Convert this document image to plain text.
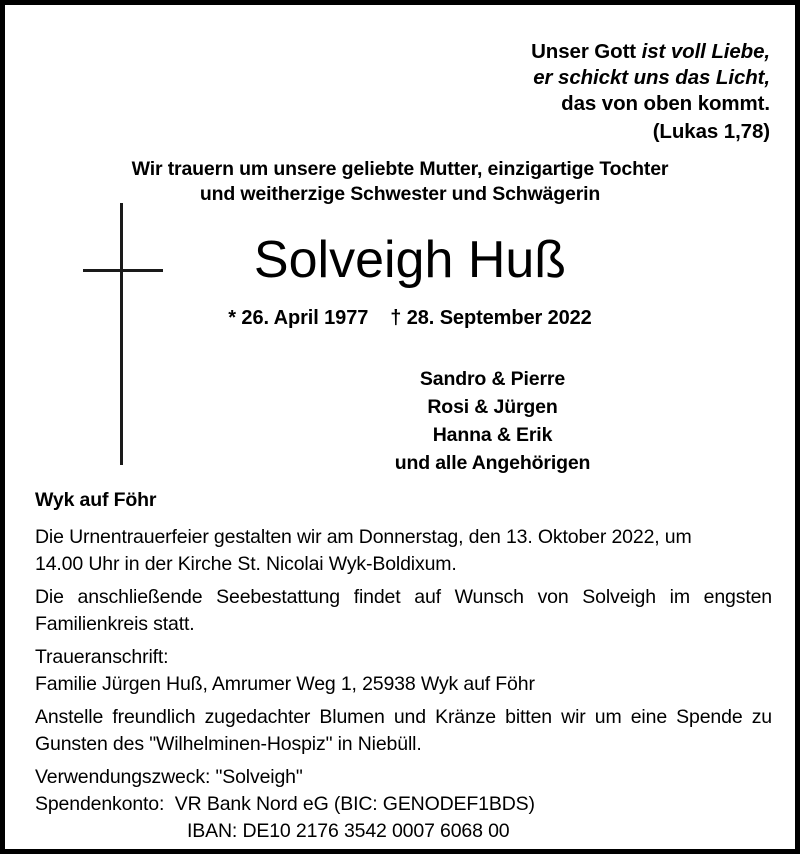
Unser Gott ist voll Liebe,
er schickt uns das Licht,
das von oben kommt.
(Lukas 1,78)
Wir trauern um unsere geliebte Mutter, einzigartige Tochter
und weitherzige Schwester und Schwägerin
Solveigh Huß
* 26. April 1977 † 28. September 2022
Sandro & Pierre
Rosi & Jürgen
Hanna & Erik
und alle Angehörigen
Wyk auf Föhr

Die Urnentrauerfeier gestalten wir am Donnerstag, den 13. Oktober 2022, um
14.00 Uhr in der Kirche St. Nicolai Wyk-Boldixum.

Die anschließende Seebestattung findet auf Wunsch von Solveigh im engsten Familienkreis statt.

Traueranschrift:
Familie Jürgen Huß, Amrumer Weg 1, 25938 Wyk auf Föhr

Anstelle freundlich zugedachter Blumen und Kränze bitten wir um eine Spende zu Gunsten des "Wilhelminen-Hospiz" in Niebüll.

Verwendungszweck: "Solveigh"
Spendenkonto:  VR Bank Nord eG (BIC: GENODEF1BDS)
IBAN: DE10 2176 3542 0007 6068 00
